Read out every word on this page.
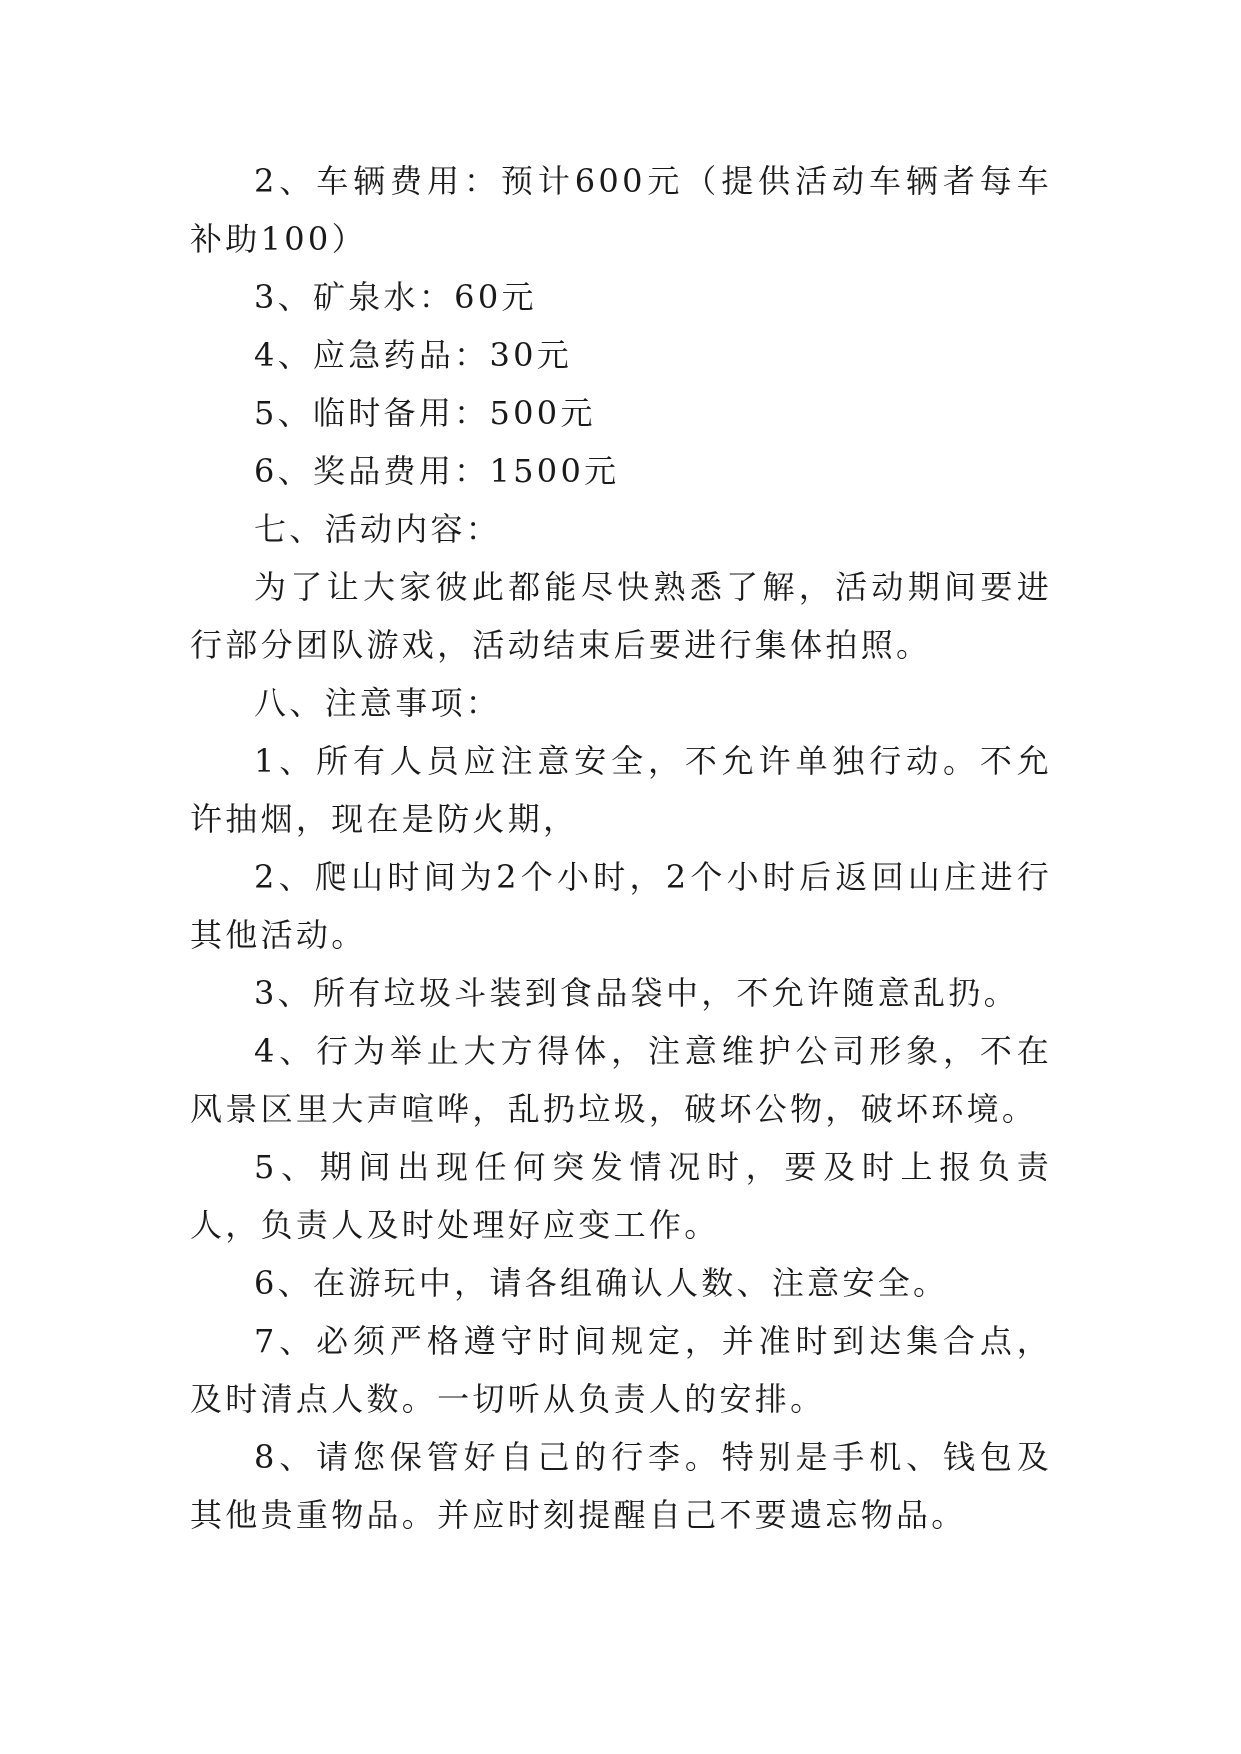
2、车辆费用：预计600元（提供活动车辆者每车补助100）

3、矿泉水：60元

4、应急药品：30元

5、临时备用：500元

6、奖品费用：1500元

七、活动内容：

为了让大家彼此都能尽快熟悉了解，活动期间要进行部分团队游戏，活动结束后要进行集体拍照。

八、注意事项：

1、所有人员应注意安全，不允许单独行动。不允许抽烟，现在是防火期，

2、爬山时间为2个小时，2个小时后返回山庄进行其他活动。

3、所有垃圾斗装到食品袋中，不允许随意乱扔。

4、行为举止大方得体，注意维护公司形象，不在风景区里大声喧哗，乱扔垃圾，破坏公物，破坏环境。

5、期间出现任何突发情况时，要及时上报负责人，负责人及时处理好应变工作。

6、在游玩中，请各组确认人数、注意安全。

7、必须严格遵守时间规定，并准时到达集合点，及时清点人数。一切听从负责人的安排。

8、请您保管好自己的行李。特别是手机、钱包及其他贵重物品。并应时刻提醒自己不要遗忘物品。
